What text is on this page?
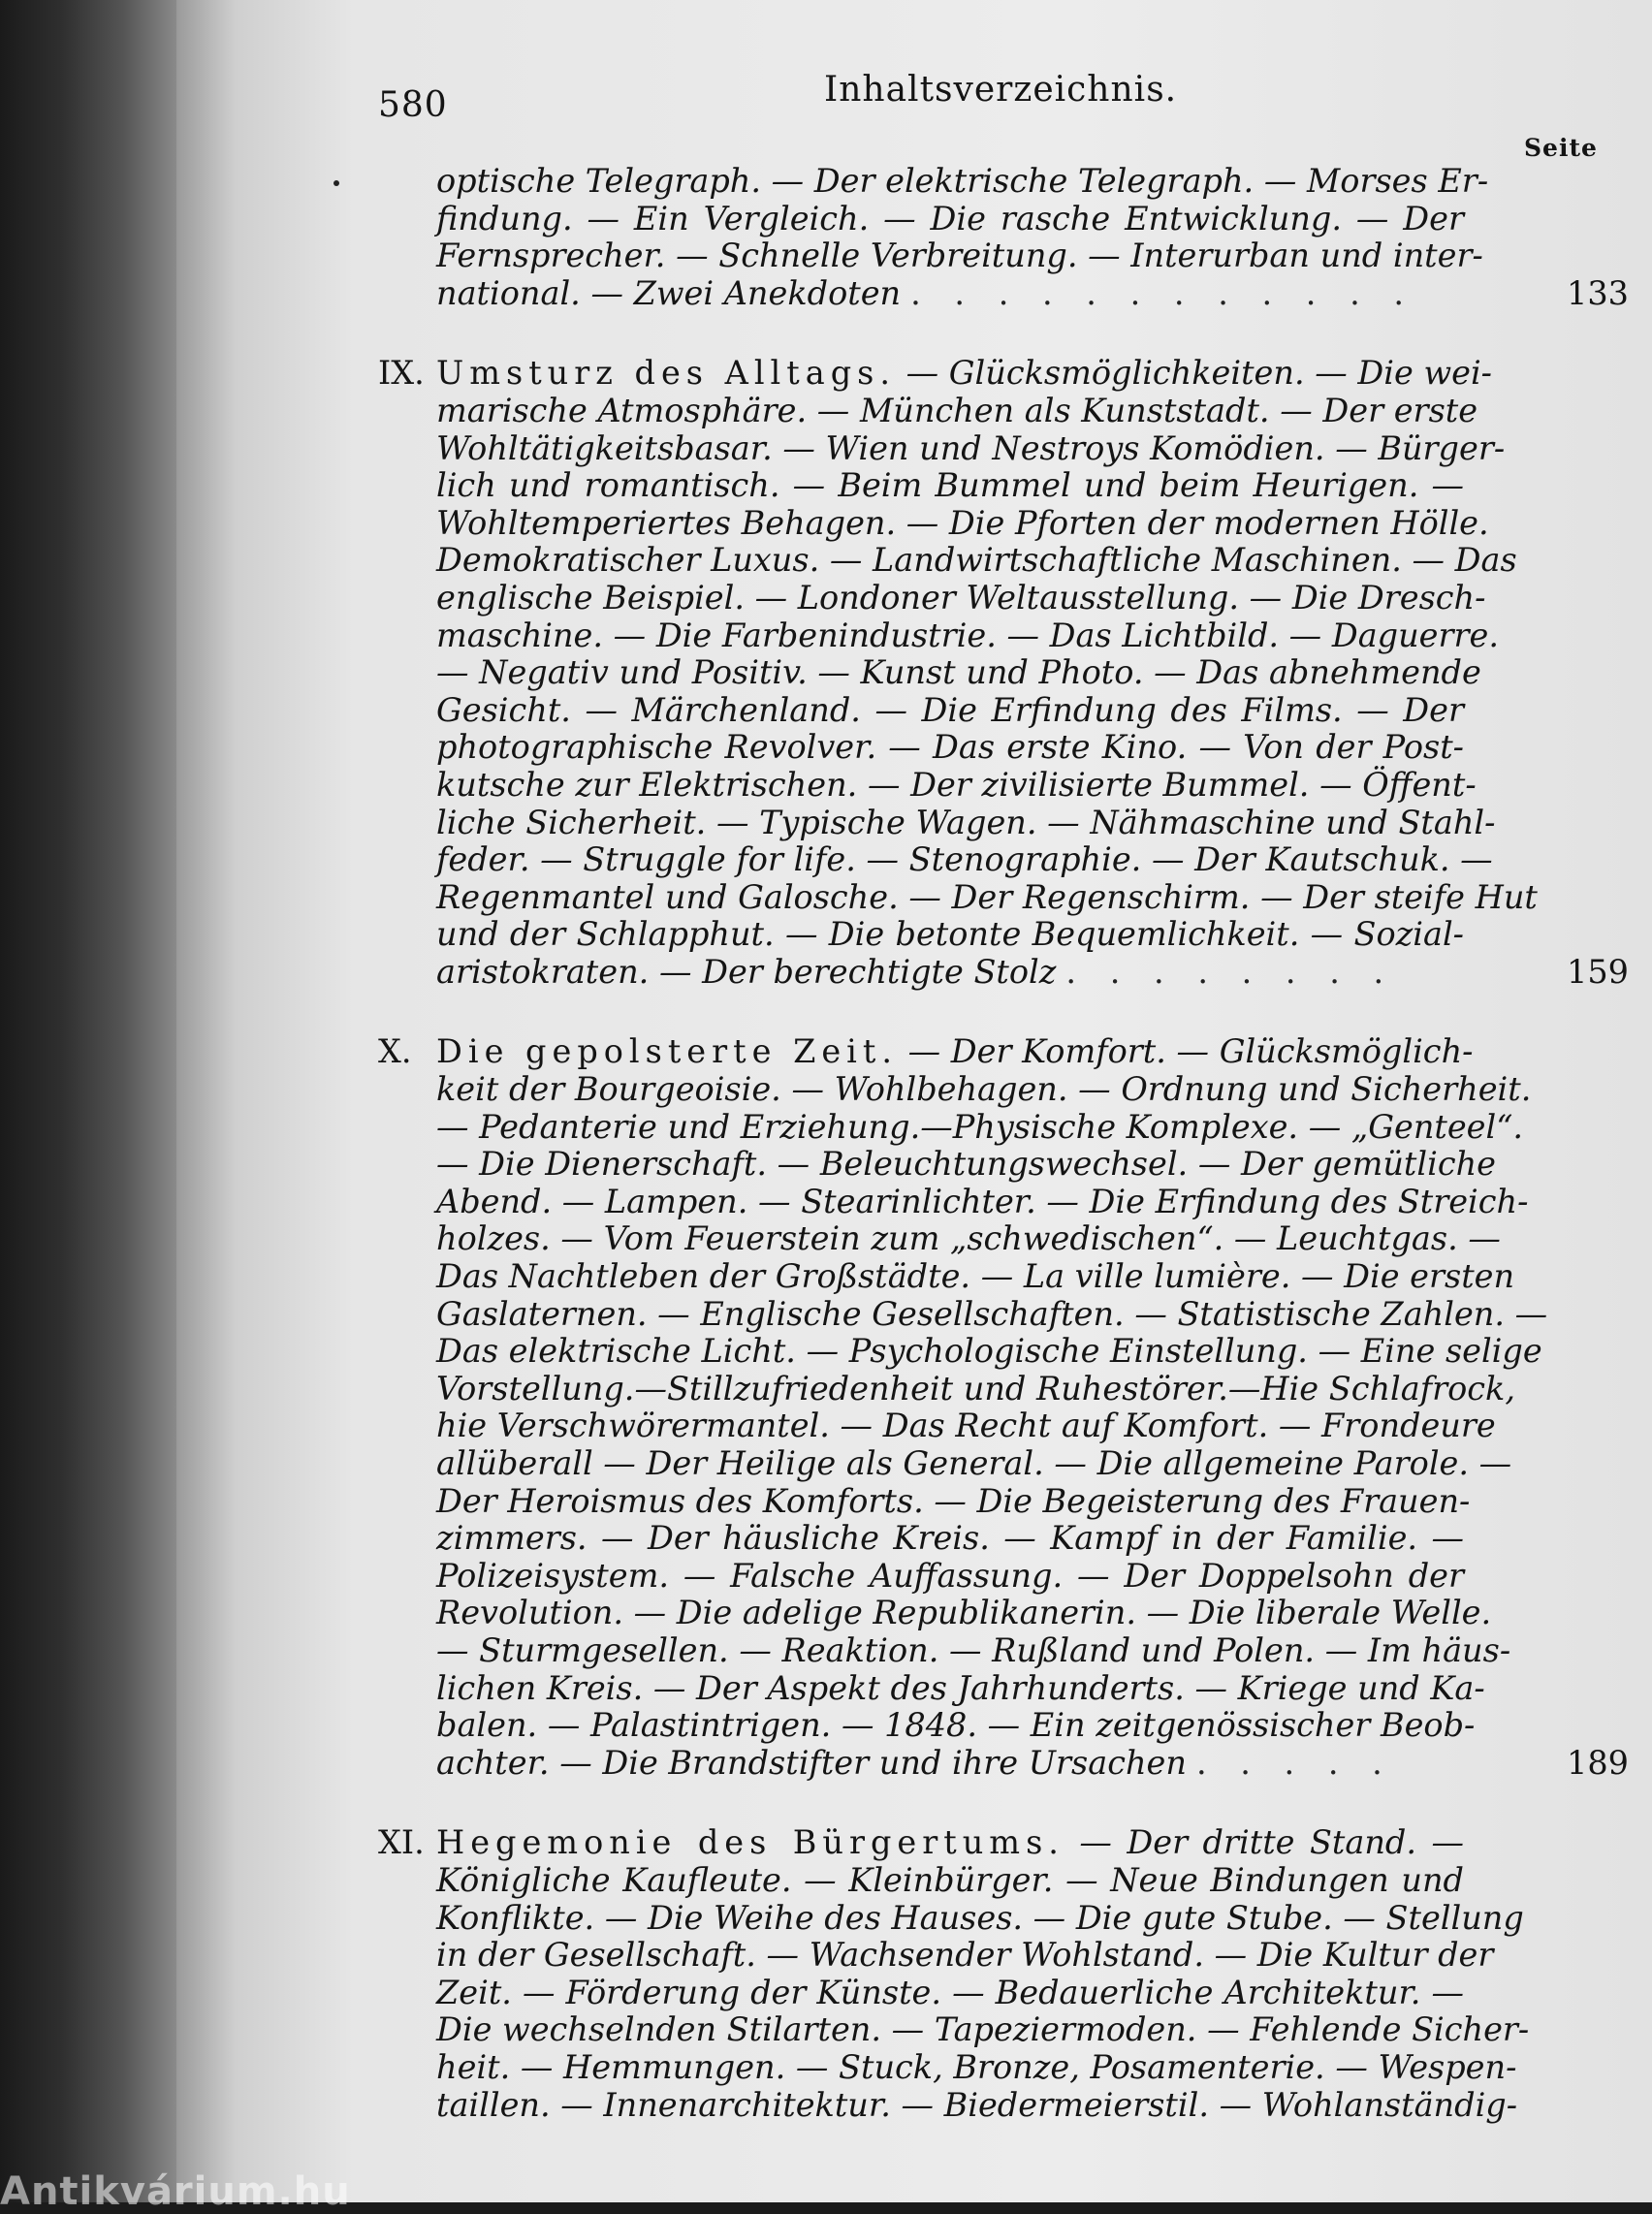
580	Inhaltsverzeichnis.
Seite
optische Telegraph. — Der elektrische Telegraph. — Morses Er-
findung. — Ein Vergleich. — Die rasche Entwicklung. — Der
Fernsprecher. — Schnelle Verbreitung. — Interurban und inter-
national. — Zwei Anekdoten . . .	133
IX. Umsturz des Alltags. — Glücksmöglichkeiten. — Die wei-
marische Atmosphäre. — München als Kunststadt. — Der erste
Wohltätigkeitsbasar. — Wien und Nestroys Komödien. — Bürger-
lich und romantisch. — Beim Bummel und beim Heurigen. —
Wohltemperiertes Behagen. — Die Pforten der modernen Hölle.
Demokratischer Luxus. — Landwirtschaftliche Maschinen. — Das
englische Beispiel. — Londoner Weltausstellung. — Die Dresch-
maschine. — Die Farbenindustrie. — Das Lichtbild. — Daguerre.
— Negativ und Positiv. — Kunst und Photo. — Das abnehmende
Gesicht. — Märchenland. — Die Erfindung des Films. — Der
photographische Revolver. — Das erste Kino. — Von der Post-
kutsche zur Elektrischen. — Der zivilisierte Bummel. — Öffent-
liche Sicherheit. — Typische Wagen. — Nähmaschine und Stahl-
feder. — Struggle for life. — Stenographie. — Der Kautschuk. —
Regenmantel und Galosche. — Der Regenschirm. — Der steife Hut
und der Schlapphut. — Die betonte Bequemlichkeit. — Sozial-
aristokraten. — Der berechtigte Stolz . . .	159
X. Die gepolsterte Zeit. — Der Komfort. — Glücksmöglich-
keit der Bourgeoisie. — Wohlbehagen. — Ordnung und Sicherheit.
— Pedanterie und Erziehung.—Physische Komplexe. — „Genteel“.
— Die Dienerschaft. — Beleuchtungswechsel. — Der gemütliche
Abend. — Lampen. — Stearinlichter. — Die Erfindung des Streich-
holzes. — Vom Feuerstein zum „schwedischen“. — Leuchtgas. —
Das Nachtleben der Großstädte. — La ville lumière. — Die ersten
Gaslaternen. — Englische Gesellschaften. — Statistische Zahlen. —
Das elektrische Licht. — Psychologische Einstellung. — Eine selige
Vorstellung.—Stillzufriedenheit und Ruhestörer.—Hie Schlafrock,
hie Verschwörermantel. — Das Recht auf Komfort. — Frondeure
allüberall — Der Heilige als General. — Die allgemeine Parole. —
Der Heroismus des Komforts. — Die Begeisterung des Frauen-
zimmers. — Der häusliche Kreis. — Kampf in der Familie. —
Polizeisystem. — Falsche Auffassung. — Der Doppelsohn der
Revolution. — Die adelige Republikanerin. — Die liberale Welle.
— Sturmgesellen. — Reaktion. — Rußland und Polen. — Im häus-
lichen Kreis. — Der Aspekt des Jahrhunderts. — Kriege und Ka-
balen. — Palastintrigen. — 1848. — Ein zeitgenössischer Beob-
achter. — Die Brandstifter und ihre Ursachen . . .	189
XI. Hegemonie des Bürgertums. — Der dritte Stand. —
Königliche Kaufleute. — Kleinbürger. — Neue Bindungen und
Konflikte. — Die Weihe des Hauses. — Die gute Stube. — Stellung
in der Gesellschaft. — Wachsender Wohlstand. — Die Kultur der
Zeit. — Förderung der Künste. — Bedauerliche Architektur. —
Die wechselnden Stilarten. — Tapeziermoden. — Fehlende Sicher-
heit. — Hemmungen. — Stuck, Bronze, Posamenterie. — Wespen-
taillen. — Innenarchitektur. — Biedermeierstil. — Wohlanständig-
Antikvárium.hu
